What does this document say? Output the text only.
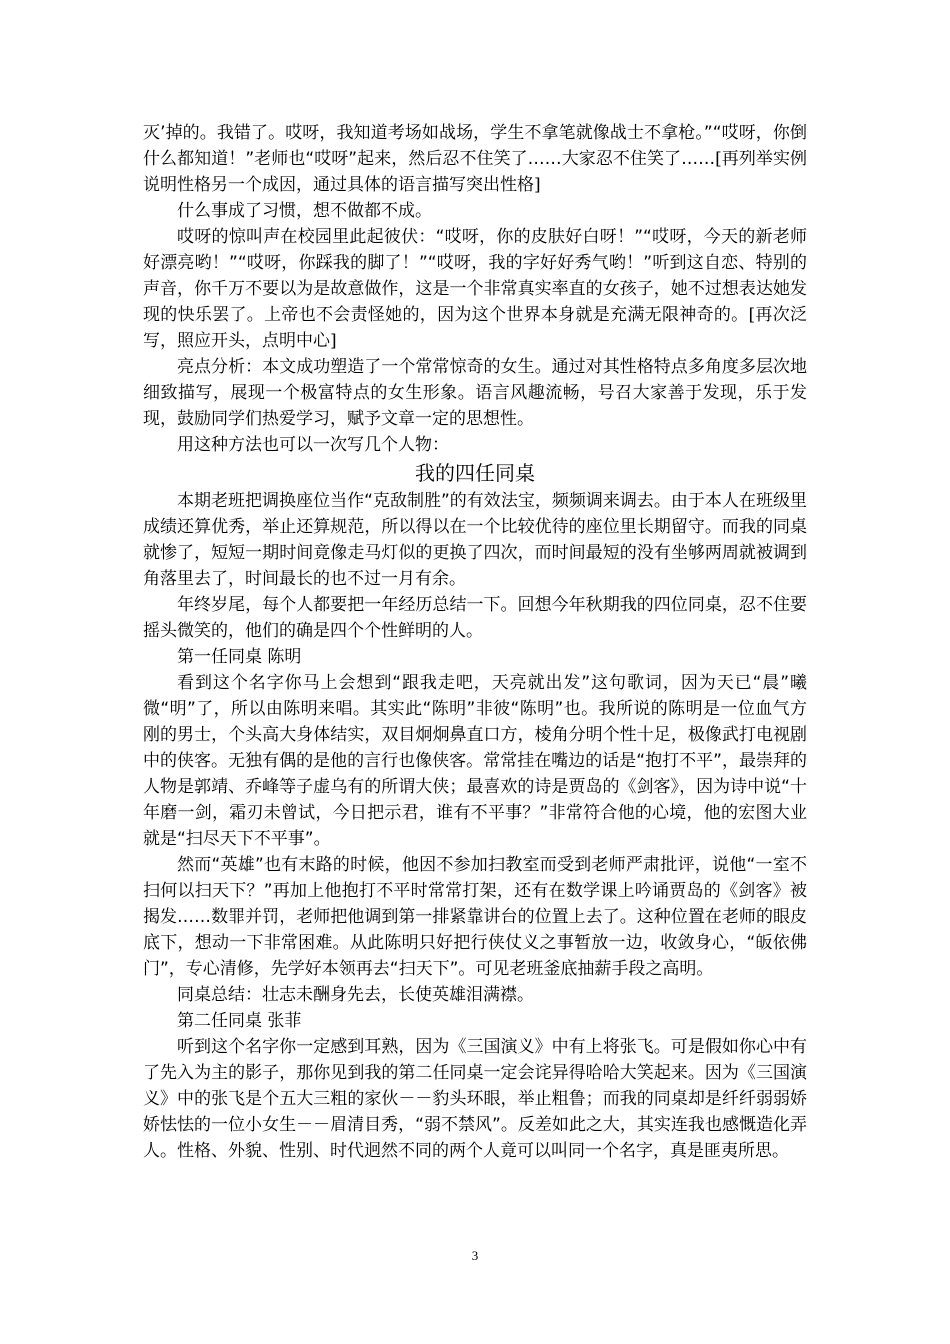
灭’掉的。我错了。哎呀，我知道考场如战场，学生不拿笔就像战士不拿枪。”“哎呀，你倒什么都知道！”老师也“哎呀”起来，然后忍不住笑了……大家忍不住笑了……[再列举实例说明性格另一个成因，通过具体的语言描写突出性格]

什么事成了习惯，想不做都不成。

哎呀的惊叫声在校园里此起彼伏：“哎呀，你的皮肤好白呀！”“哎呀，今天的新老师好漂亮哟！”“哎呀，你踩我的脚了！”“哎呀，我的字好好秀气哟！”听到这自恋、特别的声音，你千万不要以为是故意做作，这是一个非常真实率直的女孩子，她不过想表达她发现的快乐罢了。上帝也不会责怪她的，因为这个世界本身就是充满无限神奇的。[再次泛写，照应开头，点明中心]

亮点分析：本文成功塑造了一个常常惊奇的女生。通过对其性格特点多角度多层次地细致描写，展现一个极富特点的女生形象。语言风趣流畅，号召大家善于发现，乐于发现，鼓励同学们热爱学习，赋予文章一定的思想性。

用这种方法也可以一次写几个人物：

我的四任同桌

本期老班把调换座位当作“克敌制胜”的有效法宝，频频调来调去。由于本人在班级里成绩还算优秀，举止还算规范，所以得以在一个比较优待的座位里长期留守。而我的同桌就惨了，短短一期时间竟像走马灯似的更换了四次，而时间最短的没有坐够两周就被调到角落里去了，时间最长的也不过一月有余。

年终岁尾，每个人都要把一年经历总结一下。回想今年秋期我的四位同桌，忍不住要摇头微笑的，他们的确是四个个性鲜明的人。

第一任同桌 陈明

看到这个名字你马上会想到“跟我走吧，天亮就出发”这句歌词，因为天已“晨”曦微“明”了，所以由陈明来唱。其实此“陈明”非彼“陈明”也。我所说的陈明是一位血气方刚的男士，个头高大身体结实，双目炯炯鼻直口方，棱角分明个性十足，极像武打电视剧中的侠客。无独有偶的是他的言行也像侠客。常常挂在嘴边的话是“抱打不平”，最崇拜的人物是郭靖、乔峰等子虚乌有的所谓大侠；最喜欢的诗是贾岛的《剑客》，因为诗中说“十年磨一剑，霜刃未曾试，今日把示君，谁有不平事？”非常符合他的心境，他的宏图大业就是“扫尽天下不平事”。

然而“英雄”也有末路的时候，他因不参加扫教室而受到老师严肃批评，说他“一室不扫何以扫天下？”再加上他抱打不平时常常打架，还有在数学课上吟诵贾岛的《剑客》被揭发……数罪并罚，老师把他调到第一排紧靠讲台的位置上去了。这种位置在老师的眼皮底下，想动一下非常困难。从此陈明只好把行侠仗义之事暂放一边，收敛身心，“皈依佛门”，专心清修，先学好本领再去“扫天下”。可见老班釜底抽薪手段之高明。

同桌总结：壮志未酬身先去，长使英雄泪满襟。

第二任同桌 张菲

听到这个名字你一定感到耳熟，因为《三国演义》中有上将张飞。可是假如你心中有了先入为主的影子，那你见到我的第二任同桌一定会诧异得哈哈大笑起来。因为《三国演义》中的张飞是个五大三粗的家伙－－豹头环眼，举止粗鲁；而我的同桌却是纤纤弱弱娇娇怯怯的一位小女生－－眉清目秀，“弱不禁风”。反差如此之大，其实连我也感慨造化弄人。性格、外貌、性别、时代迥然不同的两个人竟可以叫同一个名字，真是匪夷所思。

3
